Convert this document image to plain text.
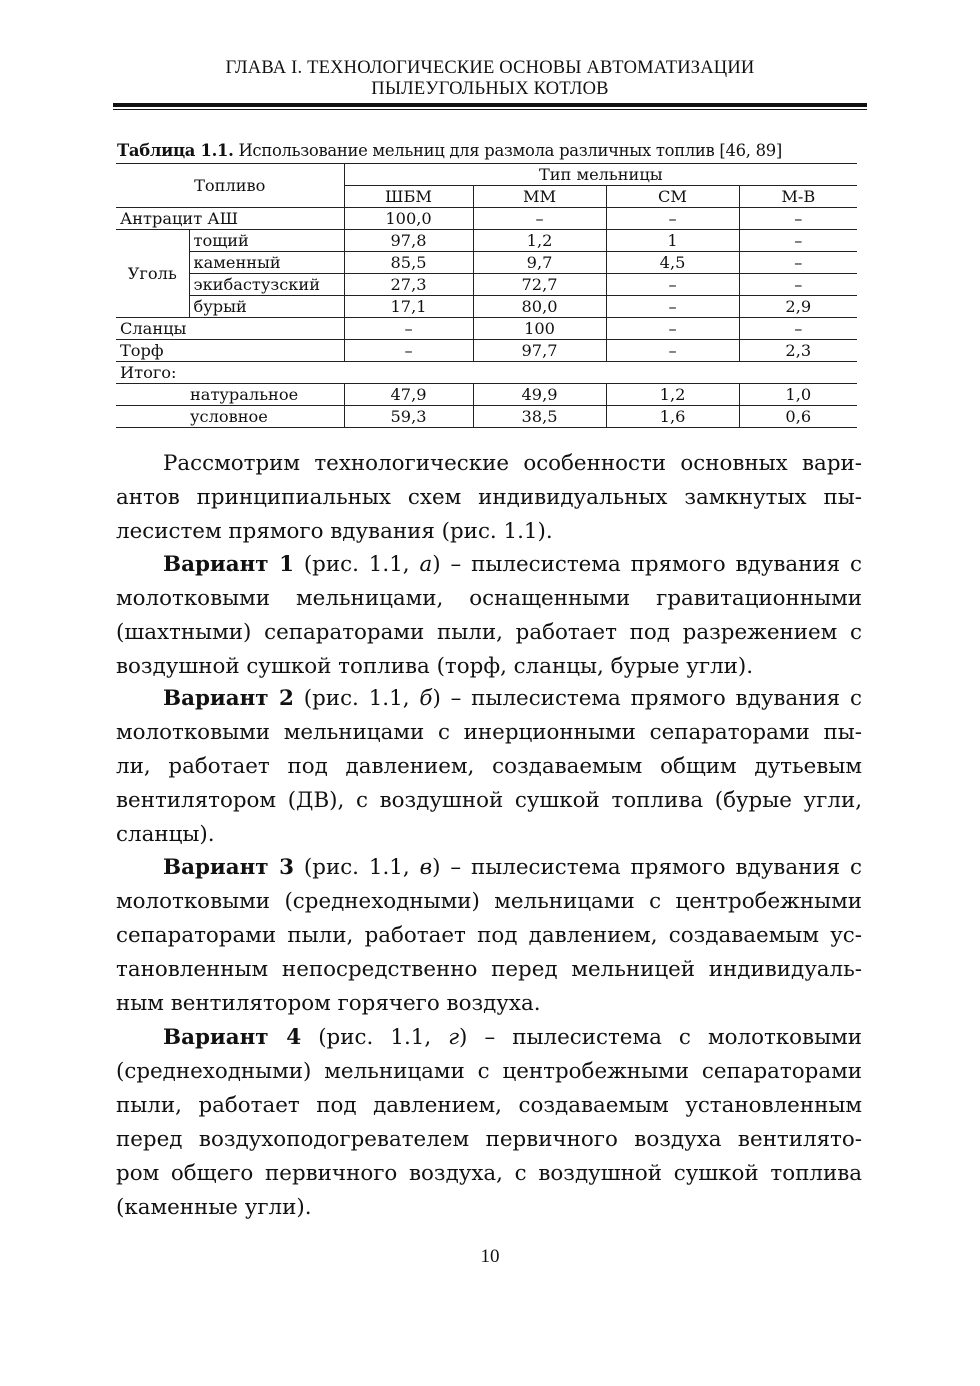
ГЛАВА I. ТЕХНОЛОГИЧЕСКИЕ ОСНОВЫ АВТОМАТИЗАЦИИ
ПЫЛЕУГОЛЬНЫХ КОТЛОВ
Таблица 1.1. Использование мельниц для размола различных топлив [46, 89]
Топливо		Тип мельницы			
		ШБМ	ММ	СМ	М-В
Антрацит АШ		100,0	–	–	–
Уголь	тощий	97,8	1,2	1	–
	каменный	85,5	9,7	4,5	–
	экибастузский	27,3	72,7	–	–
	бурый	17,1	80,0	–	2,9
Сланцы		–	100	–	–
Торф		–	97,7	–	2,3
Итого:					
натуральное		47,9	49,9	1,2	1,0
условное		59,3	38,5	1,6	0,6
Рассмотрим технологические особенности основных вари-
антов принципиальных схем индивидуальных замкнутых пы-
лесистем прямого вдувания (рис. 1.1).
Вариант 1 (рис. 1.1, а) – пылесистема прямого вдувания с
молотковыми мельницами, оснащенными гравитационными
(шахтными) сепараторами пыли, работает под разрежением с
воздушной сушкой топлива (торф, сланцы, бурые угли).
Вариант 2 (рис. 1.1, б) – пылесистема прямого вдувания с
молотковыми мельницами с инерционными сепараторами пы-
ли, работает под давлением, создаваемым общим дутьевым
вентилятором (ДВ), с воздушной сушкой топлива (бурые угли,
сланцы).
Вариант 3 (рис. 1.1, в) – пылесистема прямого вдувания с
молотковыми (среднеходными) мельницами с центробежными
сепараторами пыли, работает под давлением, создаваемым ус-
тановленным непосредственно перед мельницей индивидуаль-
ным вентилятором горячего воздуха.
Вариант 4 (рис. 1.1, г) – пылесистема с молотковыми
(среднеходными) мельницами с центробежными сепараторами
пыли, работает под давлением, создаваемым установленным
перед воздухоподогревателем первичного воздуха вентилято-
ром общего первичного воздуха, с воздушной сушкой топлива
(каменные угли).
10
